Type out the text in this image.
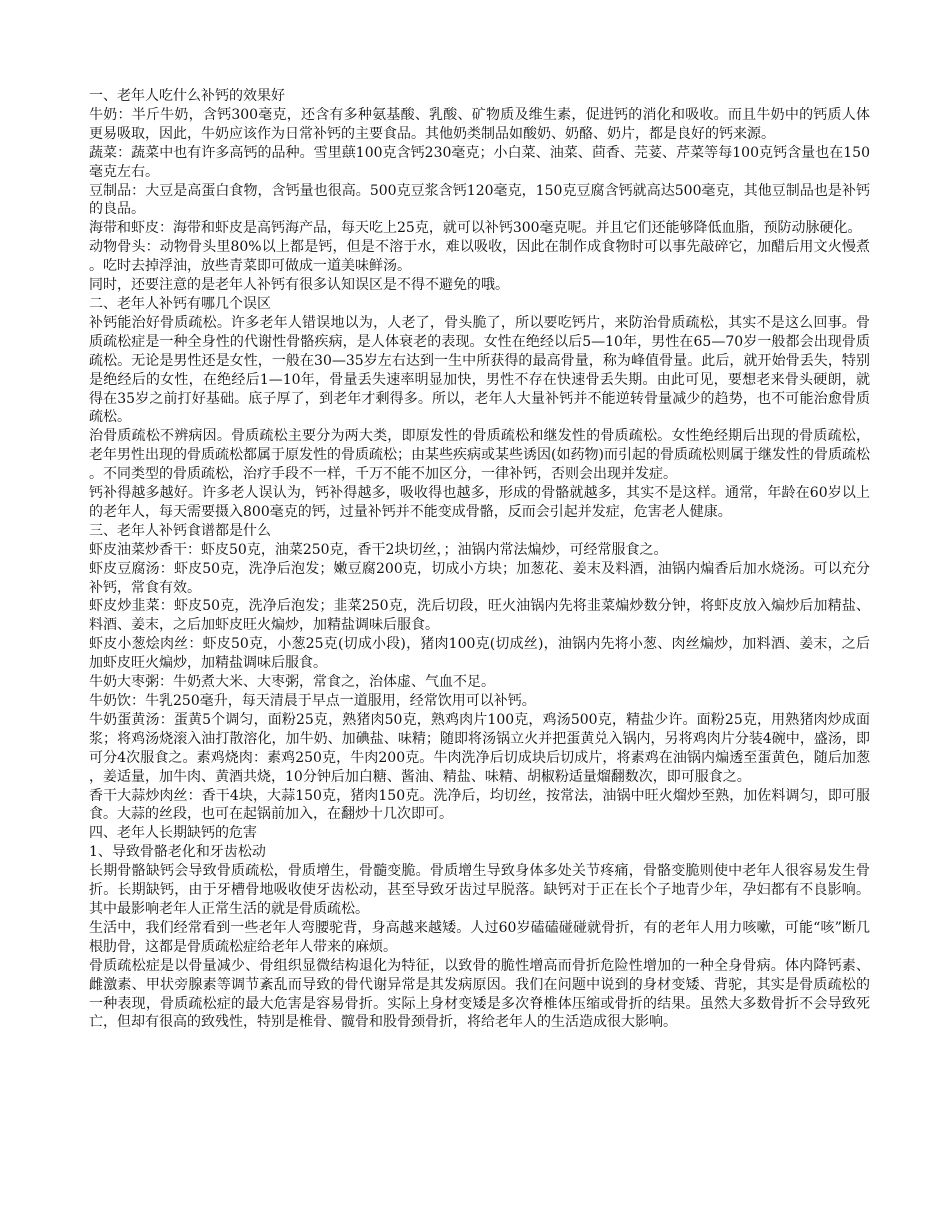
一、老年人吃什么补钙的效果好

牛奶：半斤牛奶，含钙300毫克，还含有多种氨基酸、乳酸、矿物质及维生素，促进钙的消化和吸收。而且牛奶中的钙质人体更易吸取，因此，牛奶应该作为日常补钙的主要食品。其他奶类制品如酸奶、奶酪、奶片，都是良好的钙来源。

蔬菜：蔬菜中也有许多高钙的品种。雪里蕻100克含钙230毫克；小白菜、油菜、茴香、芫荽、芹菜等每100克钙含量也在150毫克左右。

豆制品：大豆是高蛋白食物，含钙量也很高。500克豆浆含钙120毫克，150克豆腐含钙就高达500毫克，其他豆制品也是补钙的良品。

海带和虾皮：海带和虾皮是高钙海产品，每天吃上25克，就可以补钙300毫克呢。并且它们还能够降低血脂，预防动脉硬化。

动物骨头：动物骨头里80%以上都是钙，但是不溶于水，难以吸收，因此在制作成食物时可以事先敲碎它，加醋后用文火慢煮。吃时去掉浮油，放些青菜即可做成一道美味鲜汤。

同时，还要注意的是老年人补钙有很多认知误区是不得不避免的哦。

二、老年人补钙有哪几个误区

补钙能治好骨质疏松。许多老年人错误地以为，人老了，骨头脆了，所以要吃钙片，来防治骨质疏松，其实不是这么回事。骨质疏松症是一种全身性的代谢性骨骼疾病，是人体衰老的表现。女性在绝经以后5—10年，男性在65—70岁一般都会出现骨质疏松。无论是男性还是女性，一般在30—35岁左右达到一生中所获得的最高骨量，称为峰值骨量。此后，就开始骨丢失，特别是绝经后的女性，在绝经后1—10年，骨量丢失速率明显加快，男性不存在快速骨丢失期。由此可见，要想老来骨头硬朗，就得在35岁之前打好基础。底子厚了，到老年才剩得多。所以，老年人大量补钙并不能逆转骨量减少的趋势，也不可能治愈骨质疏松。

治骨质疏松不辨病因。骨质疏松主要分为两大类，即原发性的骨质疏松和继发性的骨质疏松。女性绝经期后出现的骨质疏松，老年男性出现的骨质疏松都属于原发性的骨质疏松；由某些疾病或某些诱因(如药物)而引起的骨质疏松则属于继发性的骨质疏松。不同类型的骨质疏松，治疗手段不一样，千万不能不加区分，一律补钙，否则会出现并发症。

钙补得越多越好。许多老人误认为，钙补得越多，吸收得也越多，形成的骨骼就越多，其实不是这样。通常，年龄在60岁以上的老年人，每天需要摄入800毫克的钙，过量补钙并不能变成骨骼，反而会引起并发症，危害老人健康。

三、老年人补钙食谱都是什么

虾皮油菜炒香干：虾皮50克，油菜250克，香干2块切丝，；油锅内常法煸炒，可经常服食之。

虾皮豆腐汤：虾皮50克，洗净后泡发；嫩豆腐200克，切成小方块；加葱花、姜末及料酒，油锅内煸香后加水烧汤。可以充分补钙，常食有效。

虾皮炒韭菜：虾皮50克，洗净后泡发；韭菜250克，洗后切段，旺火油锅内先将韭菜煸炒数分钟，将虾皮放入煸炒后加精盐、料酒、姜末，之后加虾皮旺火煸炒，加精盐调味后服食。

虾皮小葱烩肉丝：虾皮50克，小葱25克(切成小段)，猪肉100克(切成丝)，油锅内先将小葱、肉丝煸炒，加料酒、姜末，之后加虾皮旺火煸炒，加精盐调味后服食。

牛奶大枣粥：牛奶煮大米、大枣粥，常食之，治体虚、气血不足。

牛奶饮：牛乳250毫升，每天清晨于早点一道服用，经常饮用可以补钙。

牛奶蛋黄汤：蛋黄5个调匀，面粉25克，熟猪肉50克，熟鸡肉片100克，鸡汤500克，精盐少许。面粉25克，用熟猪肉炒成面浆；将鸡汤烧滚入油打散溶化，加牛奶、加碘盐、味精；随即将汤锅立火并把蛋黄兑入锅内，另将鸡肉片分装4碗中，盛汤，即可分4次服食之。素鸡烧肉：素鸡250克，牛肉200克。牛肉洗净后切成块后切成片，将素鸡在油锅内煸透至蛋黄色，随后加葱，姜适量，加牛肉、黄酒共烧，10分钟后加白糖、酱油、精盐、味精、胡椒粉适量熘翻数次，即可服食之。

香干大蒜炒肉丝：香干4块，大蒜150克，猪肉150克。洗净后，均切丝，按常法，油锅中旺火熘炒至熟，加佐料调匀，即可服食。大蒜的丝段，也可在起锅前加入，在翻炒十几次即可。

四、老年人长期缺钙的危害

1、导致骨骼老化和牙齿松动

长期骨骼缺钙会导致骨质疏松，骨质增生，骨髓变脆。骨质增生导致身体多处关节疼痛，骨骼变脆则使中老年人很容易发生骨折。长期缺钙，由于牙槽骨地吸收使牙齿松动，甚至导致牙齿过早脱落。缺钙对于正在长个子地青少年，孕妇都有不良影响。其中最影响老年人正常生活的就是骨质疏松。

生活中，我们经常看到一些老年人弯腰驼背，身高越来越矮。人过60岁磕磕碰碰就骨折，有的老年人用力咳嗽，可能“咳”断几根肋骨，这都是骨质疏松症给老年人带来的麻烦。

骨质疏松症是以骨量减少、骨组织显微结构退化为特征，以致骨的脆性增高而骨折危险性增加的一种全身骨病。体内降钙素、雌激素、甲状旁腺素等调节紊乱而导致的骨代谢异常是其发病原因。我们在问题中说到的身材变矮、背驼，其实是骨质疏松的一种表现，骨质疏松症的最大危害是容易骨折。实际上身材变矮是多次脊椎体压缩或骨折的结果。虽然大多数骨折不会导致死亡，但却有很高的致残性，特别是椎骨、髋骨和股骨颈骨折，将给老年人的生活造成很大影响。
